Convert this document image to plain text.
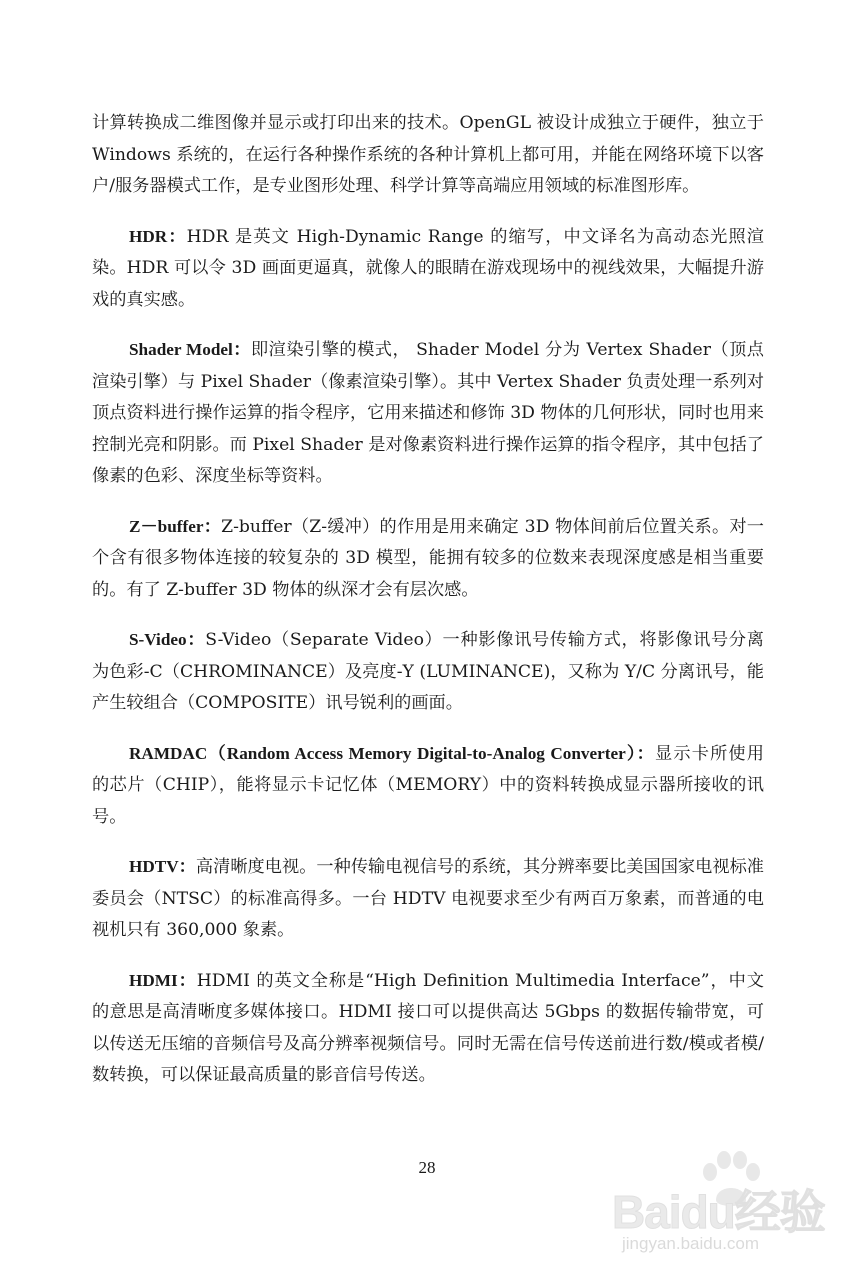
计算转换成二维图像并显示或打印出来的技术。OpenGL 被设计成独立于硬件，独立于 Windows 系统的，在运行各种操作系统的各种计算机上都可用，并能在网络环境下以客户/服务器模式工作，是专业图形处理、科学计算等高端应用领域的标准图形库。

HDR：HDR 是英文 High-Dynamic Range 的缩写，中文译名为高动态光照渲染。HDR 可以令 3D 画面更逼真，就像人的眼睛在游戏现场中的视线效果，大幅提升游戏的真实感。

Shader Model：即渲染引擎的模式， Shader Model 分为 Vertex Shader（顶点渲染引擎）与 Pixel Shader（像素渲染引擎）。其中 Vertex Shader 负责处理一系列对顶点资料进行操作运算的指令程序，它用来描述和修饰 3D 物体的几何形状，同时也用来控制光亮和阴影。而 Pixel Shader 是对像素资料进行操作运算的指令程序，其中包括了像素的色彩、深度坐标等资料。

Z－buffer：Z-buffer（Z-缓冲）的作用是用来确定 3D 物体间前后位置关系。对一个含有很多物体连接的较复杂的 3D 模型，能拥有较多的位数来表现深度感是相当重要的。有了 Z-buffer 3D 物体的纵深才会有层次感。

S-Video：S-Video（Separate Video）一种影像讯号传输方式，将影像讯号分离为色彩-C（CHROMINANCE）及亮度-Y (LUMINANCE)，又称为 Y/C 分离讯号，能产生较组合（COMPOSITE）讯号锐利的画面。

RAMDAC（Random Access Memory Digital-to-Analog Converter）：显示卡所使用的芯片（CHIP），能将显示卡记忆体（MEMORY）中的资料转换成显示器所接收的讯号。

HDTV：高清晰度电视。一种传输电视信号的系统，其分辨率要比美国国家电视标准委员会（NTSC）的标准高得多。一台 HDTV 电视要求至少有两百万象素，而普通的电视机只有 360,000 象素。

HDMI：HDMI 的英文全称是“High Definition Multimedia Interface”，中文的意思是高清晰度多媒体接口。HDMI 接口可以提供高达 5Gbps 的数据传输带宽，可以传送无压缩的音频信号及高分辨率视频信号。同时无需在信号传送前进行数/模或者模/数转换，可以保证最高质量的影音信号传送。

28
Baidu经验
jingyan.baidu.com
